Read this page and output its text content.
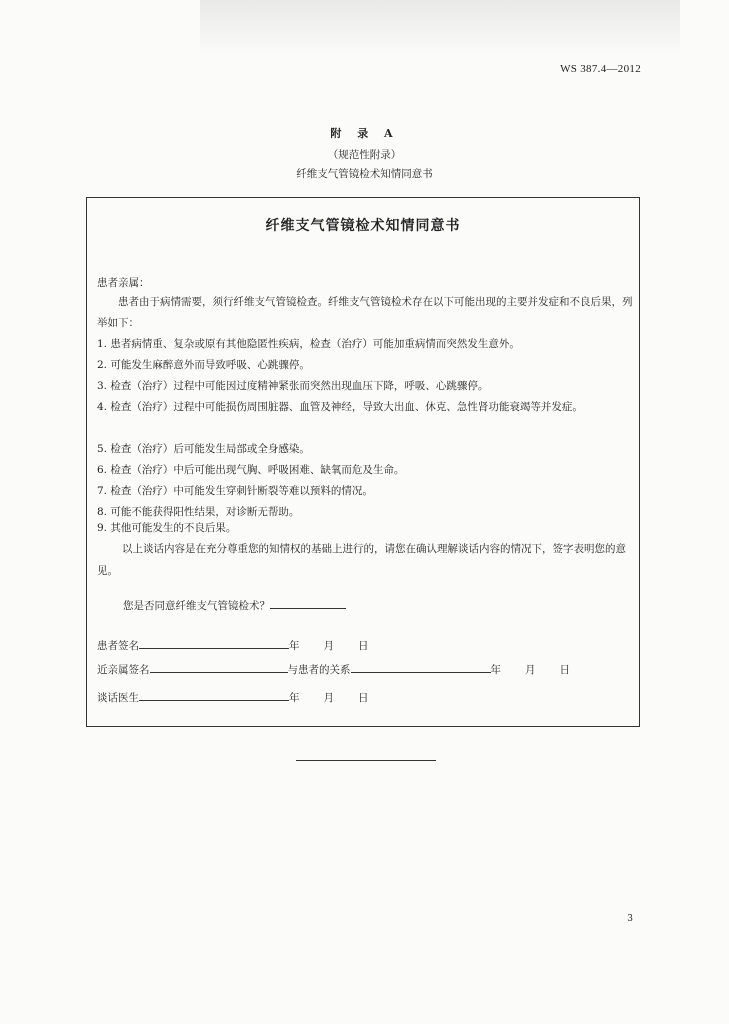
WS 387.4—2012
附 录 A
（规范性附录）
纤维支气管镜检术知情同意书
纤维支气管镜检术知情同意书
患者亲属：
患者由于病情需要，须行纤维支气管镜检查。纤维支气管镜检术存在以下可能出现的主要并发症和不良后果，列举如下：
1. 患者病情重、复杂或原有其他隐匿性疾病，检查（治疗）可能加重病情而突然发生意外。
2. 可能发生麻醉意外而导致呼吸、心跳骤停。
3. 检查（治疗）过程中可能因过度精神紧张而突然出现血压下降，呼吸、心跳骤停。
4. 检查（治疗）过程中可能损伤周围脏器、血管及神经，导致大出血、休克、急性肾功能衰竭等并发症。
5. 检查（治疗）后可能发生局部或全身感染。
6. 检查（治疗）中后可能出现气胸、呼吸困难、缺氧而危及生命。
7. 检查（治疗）中可能发生穿刺针断裂等难以预料的情况。
8. 可能不能获得阳性结果，对诊断无帮助。
9. 其他可能发生的不良后果。
以上谈话内容是在充分尊重您的知情权的基础上进行的，请您在确认理解谈话内容的情况下，签字表明您的意见。
您是否同意纤维支气管镜检术？
患者签名	年 月 日
近亲属签名	与患者的关系	年 月 日
谈话医生	年 月 日
3
